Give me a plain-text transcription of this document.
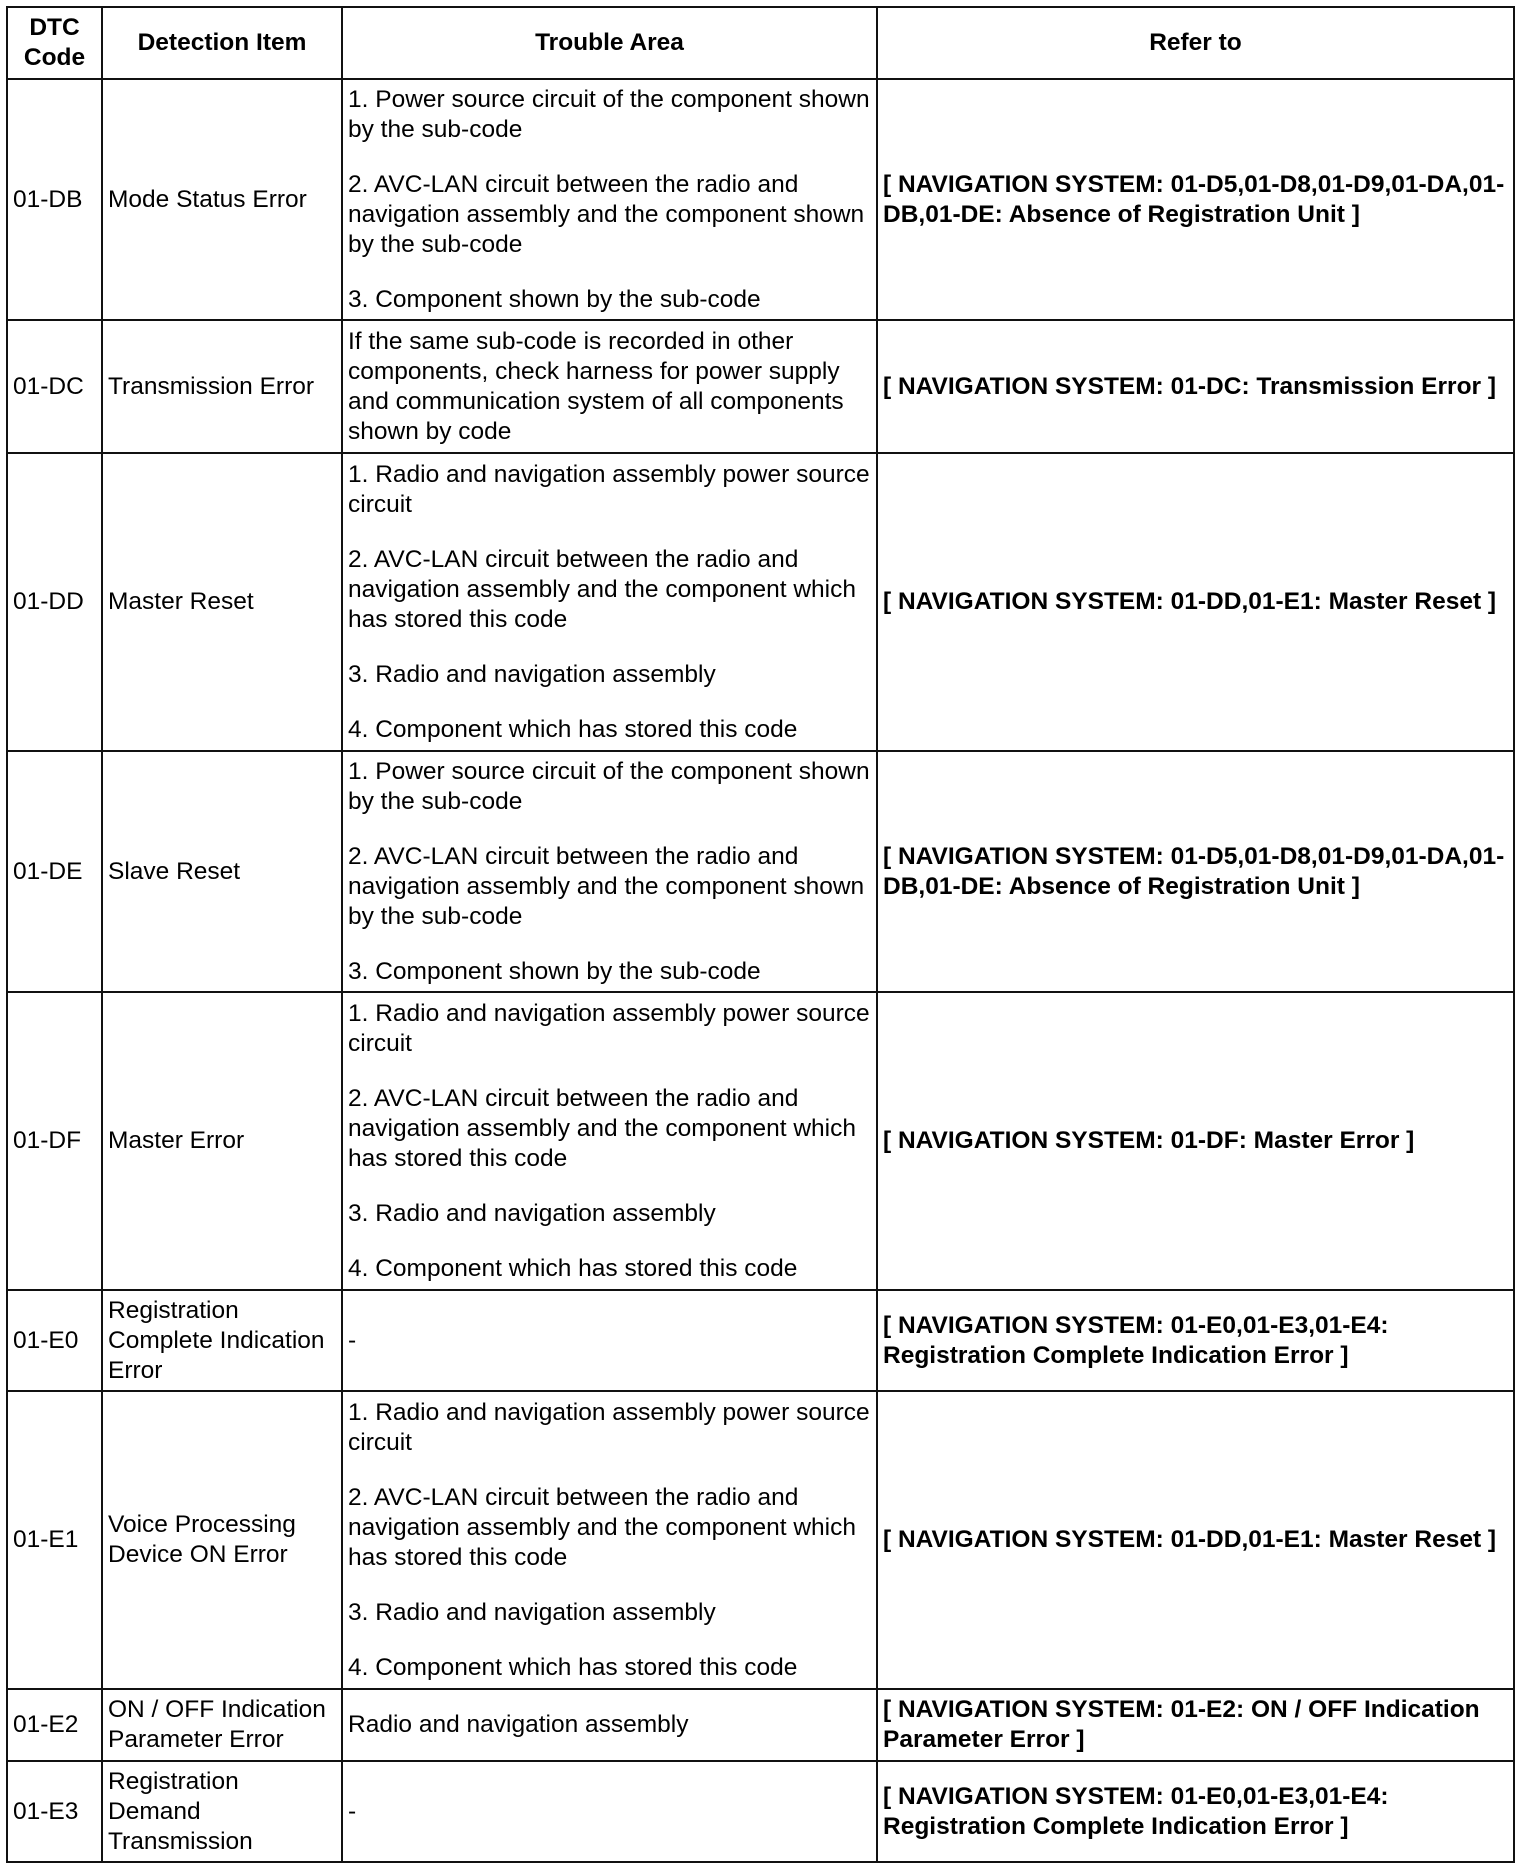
DTC Code	Detection Item	Trouble Area	Refer to
01-DB	Mode Status Error	1. Power source circuit of the component shown by the sub-code

2. AVC-LAN circuit between the radio and navigation assembly and the component shown by the sub-code

3. Component shown by the sub-code	[ NAVIGATION SYSTEM: 01-D5,01-D8,01-D9,01-DA,01-DB,01-DE: Absence of Registration Unit ]
01-DC	Transmission Error	If the same sub-code is recorded in other components, check harness for power supply and communication system of all components shown by code	[ NAVIGATION SYSTEM: 01-DC: Transmission Error ]
01-DD	Master Reset	1. Radio and navigation assembly power source circuit

2. AVC-LAN circuit between the radio and navigation assembly and the component which has stored this code

3. Radio and navigation assembly

4. Component which has stored this code	[ NAVIGATION SYSTEM: 01-DD,01-E1: Master Reset ]
01-DE	Slave Reset	1. Power source circuit of the component shown by the sub-code

2. AVC-LAN circuit between the radio and navigation assembly and the component shown by the sub-code

3. Component shown by the sub-code	[ NAVIGATION SYSTEM: 01-D5,01-D8,01-D9,01-DA,01-DB,01-DE: Absence of Registration Unit ]
01-DF	Master Error	1. Radio and navigation assembly power source circuit

2. AVC-LAN circuit between the radio and navigation assembly and the component which has stored this code

3. Radio and navigation assembly

4. Component which has stored this code	[ NAVIGATION SYSTEM: 01-DF: Master Error ]
01-E0	Registration Complete Indication Error	-	[ NAVIGATION SYSTEM: 01-E0,01-E3,01-E4: Registration Complete Indication Error ]
01-E1	Voice Processing Device ON Error	1. Radio and navigation assembly power source circuit

2. AVC-LAN circuit between the radio and navigation assembly and the component which has stored this code

3. Radio and navigation assembly

4. Component which has stored this code	[ NAVIGATION SYSTEM: 01-DD,01-E1: Master Reset ]
01-E2	ON / OFF Indication Parameter Error	Radio and navigation assembly	[ NAVIGATION SYSTEM: 01-E2: ON / OFF Indication Parameter Error ]
01-E3	Registration Demand Transmission	-	[ NAVIGATION SYSTEM: 01-E0,01-E3,01-E4: Registration Complete Indication Error ]
